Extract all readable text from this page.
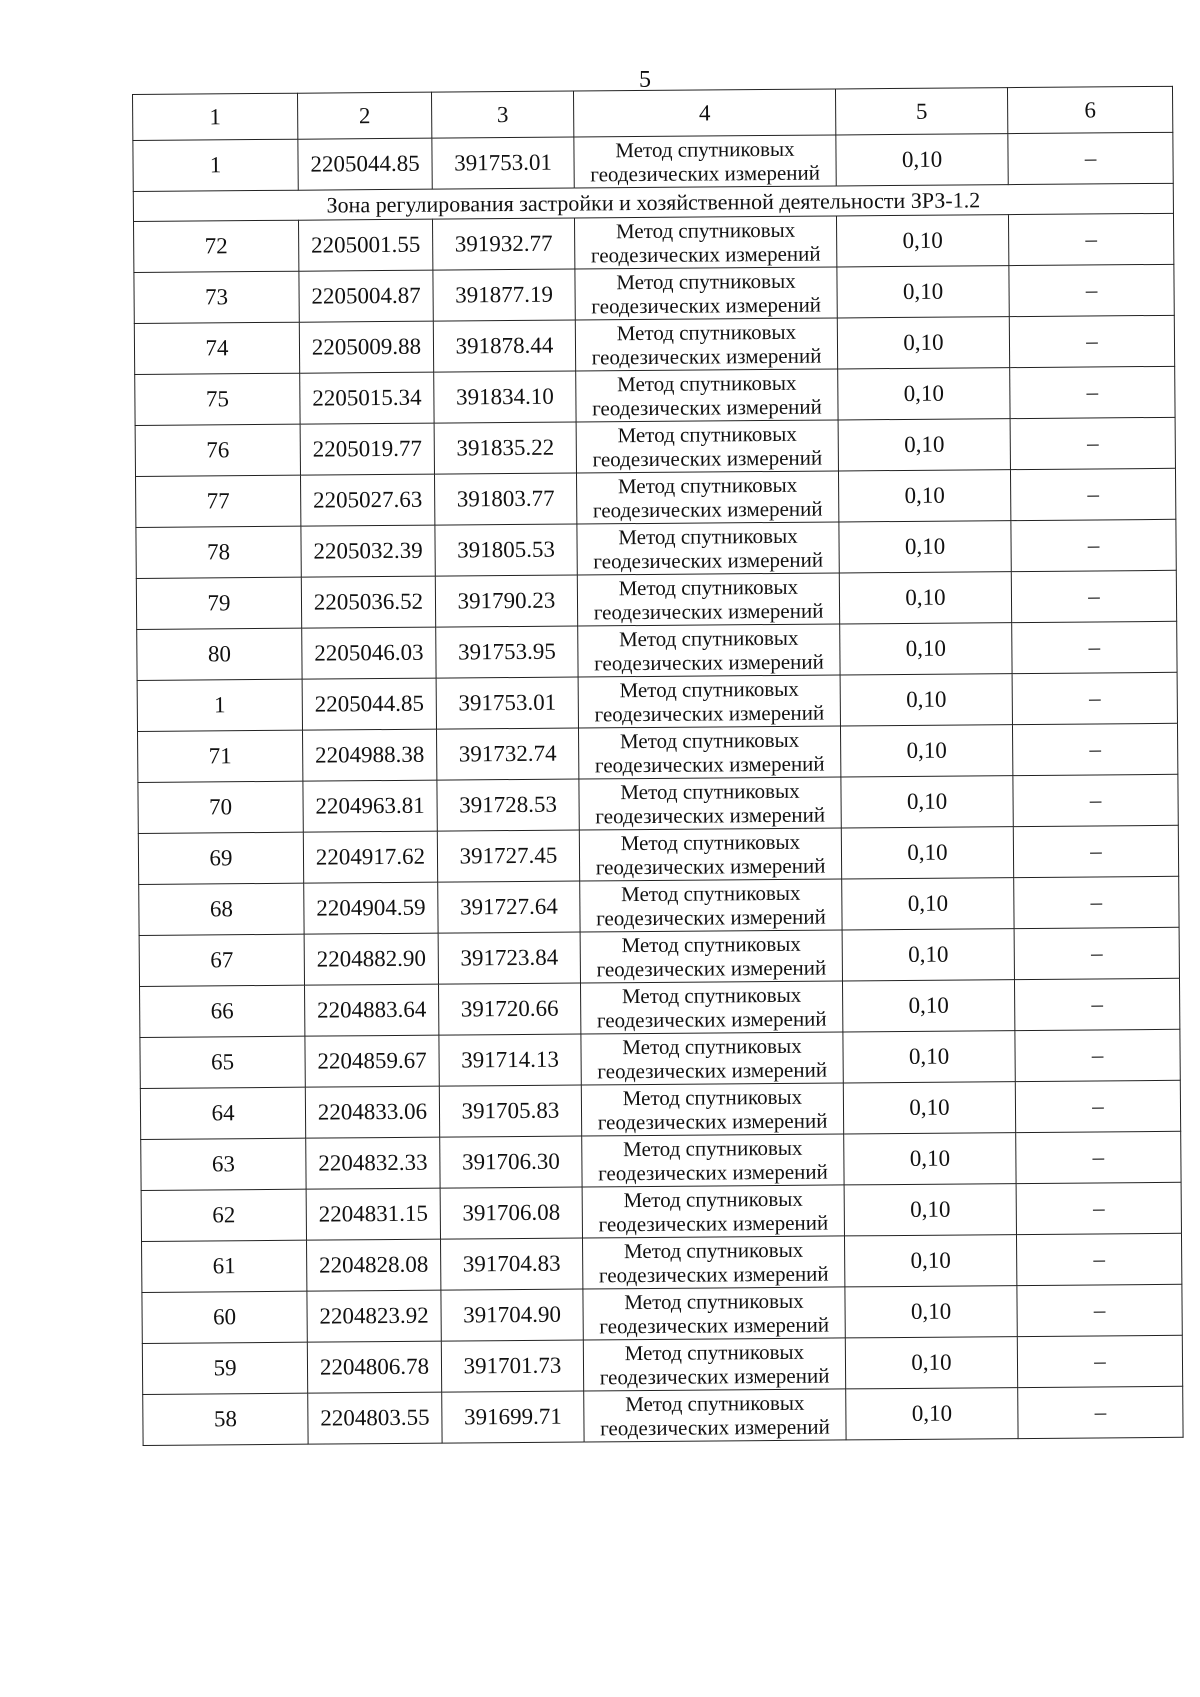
5
1	2	3	4	5	6
1	2205044.85	391753.01	Метод спутниковых
геодезических измерений	0,10	–
Зона регулирования застройки и хозяйственной деятельности ЗРЗ-1.2					
72	2205001.55	391932.77	Метод спутниковых
геодезических измерений	0,10	–
73	2205004.87	391877.19	Метод спутниковых
геодезических измерений	0,10	–
74	2205009.88	391878.44	Метод спутниковых
геодезических измерений	0,10	–
75	2205015.34	391834.10	Метод спутниковых
геодезических измерений	0,10	–
76	2205019.77	391835.22	Метод спутниковых
геодезических измерений	0,10	–
77	2205027.63	391803.77	Метод спутниковых
геодезических измерений	0,10	–
78	2205032.39	391805.53	Метод спутниковых
геодезических измерений	0,10	–
79	2205036.52	391790.23	Метод спутниковых
геодезических измерений	0,10	–
80	2205046.03	391753.95	Метод спутниковых
геодезических измерений	0,10	–
1	2205044.85	391753.01	Метод спутниковых
геодезических измерений	0,10	–
71	2204988.38	391732.74	Метод спутниковых
геодезических измерений	0,10	–
70	2204963.81	391728.53	Метод спутниковых
геодезических измерений	0,10	–
69	2204917.62	391727.45	Метод спутниковых
геодезических измерений	0,10	–
68	2204904.59	391727.64	Метод спутниковых
геодезических измерений	0,10	–
67	2204882.90	391723.84	Метод спутниковых
геодезических измерений	0,10	–
66	2204883.64	391720.66	Метод спутниковых
геодезических измерений	0,10	–
65	2204859.67	391714.13	Метод спутниковых
геодезических измерений	0,10	–
64	2204833.06	391705.83	Метод спутниковых
геодезических измерений	0,10	–
63	2204832.33	391706.30	Метод спутниковых
геодезических измерений	0,10	–
62	2204831.15	391706.08	Метод спутниковых
геодезических измерений	0,10	–
61	2204828.08	391704.83	Метод спутниковых
геодезических измерений	0,10	–
60	2204823.92	391704.90	Метод спутниковых
геодезических измерений	0,10	–
59	2204806.78	391701.73	Метод спутниковых
геодезических измерений	0,10	–
58	2204803.55	391699.71	Метод спутниковых
геодезических измерений	0,10	–
